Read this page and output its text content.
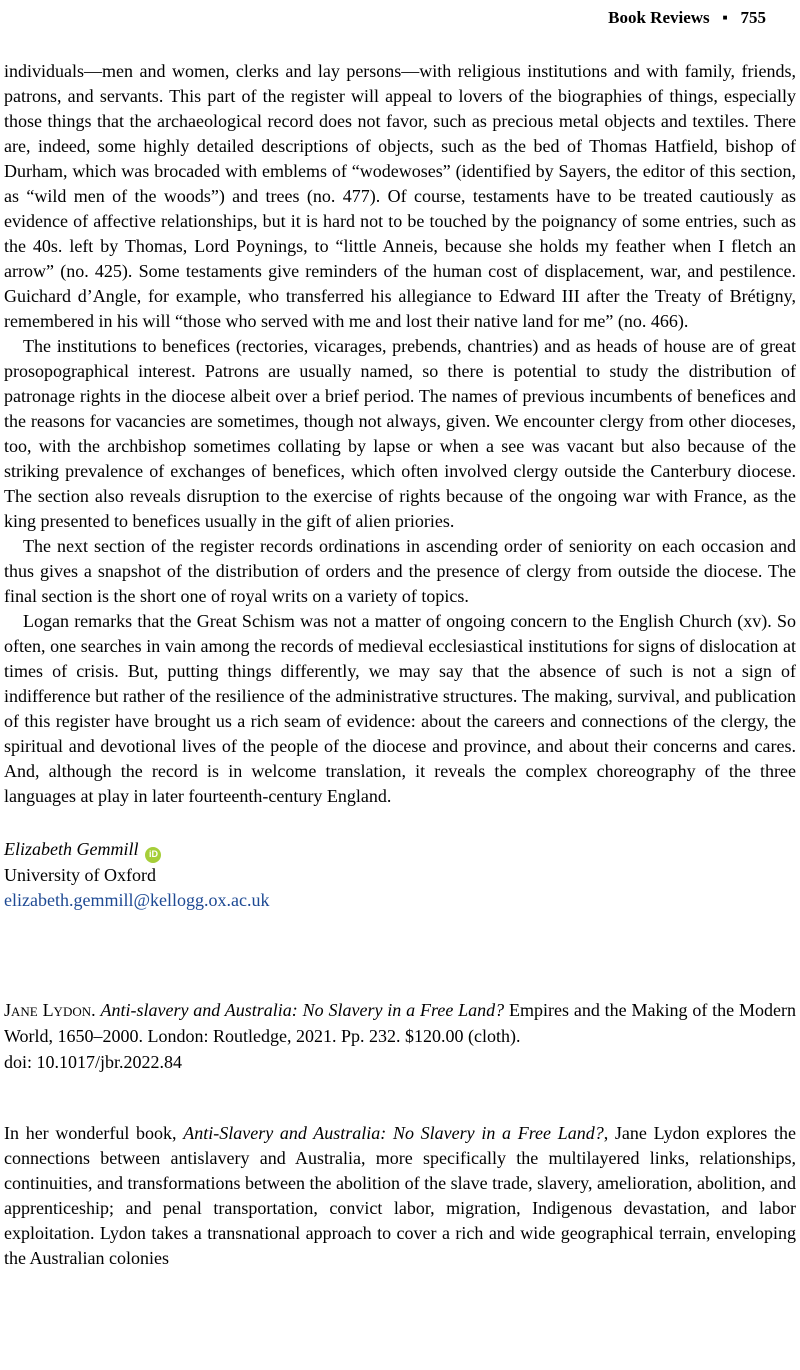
Book Reviews ■ 755

individuals—men and women, clerks and lay persons—with religious institutions and with family, friends, patrons, and servants. This part of the register will appeal to lovers of the biographies of things, especially those things that the archaeological record does not favor, such as precious metal objects and textiles. There are, indeed, some highly detailed descriptions of objects, such as the bed of Thomas Hatfield, bishop of Durham, which was brocaded with emblems of “wodewoses” (identified by Sayers, the editor of this section, as “wild men of the woods”) and trees (no. 477). Of course, testaments have to be treated cautiously as evidence of affective relationships, but it is hard not to be touched by the poignancy of some entries, such as the 40s. left by Thomas, Lord Poynings, to “little Anneis, because she holds my feather when I fletch an arrow” (no. 425). Some testaments give reminders of the human cost of displacement, war, and pestilence. Guichard d’Angle, for example, who transferred his allegiance to Edward III after the Treaty of Brétigny, remembered in his will “those who served with me and lost their native land for me” (no. 466).

The institutions to benefices (rectories, vicarages, prebends, chantries) and as heads of house are of great prosopographical interest. Patrons are usually named, so there is potential to study the distribution of patronage rights in the diocese albeit over a brief period. The names of previous incumbents of benefices and the reasons for vacancies are sometimes, though not always, given. We encounter clergy from other dioceses, too, with the archbishop sometimes collating by lapse or when a see was vacant but also because of the striking prevalence of exchanges of benefices, which often involved clergy outside the Canterbury diocese. The section also reveals disruption to the exercise of rights because of the ongoing war with France, as the king presented to benefices usually in the gift of alien priories.

The next section of the register records ordinations in ascending order of seniority on each occasion and thus gives a snapshot of the distribution of orders and the presence of clergy from outside the diocese. The final section is the short one of royal writs on a variety of topics.

Logan remarks that the Great Schism was not a matter of ongoing concern to the English Church (xv). So often, one searches in vain among the records of medieval ecclesiastical institutions for signs of dislocation at times of crisis. But, putting things differently, we may say that the absence of such is not a sign of indifference but rather of the resilience of the administrative structures. The making, survival, and publication of this register have brought us a rich seam of evidence: about the careers and connections of the clergy, the spiritual and devotional lives of the people of the diocese and province, and about their concerns and cares. And, although the record is in welcome translation, it reveals the complex choreography of the three languages at play in later fourteenth-century England.

Elizabeth Gemmill iD
University of Oxford
elizabeth.gemmill@kellogg.ox.ac.uk

Jane Lydon. Anti-slavery and Australia: No Slavery in a Free Land? Empires and the Making of the Modern World, 1650–2000. London: Routledge, 2021. Pp. 232. $120.00 (cloth).

doi: 10.1017/jbr.2022.84

In her wonderful book, Anti-Slavery and Australia: No Slavery in a Free Land?, Jane Lydon explores the connections between antislavery and Australia, more specifically the multilayered links, relationships, continuities, and transformations between the abolition of the slave trade, slavery, amelioration, abolition, and apprenticeship; and penal transportation, convict labor, migration, Indigenous devastation, and labor exploitation. Lydon takes a transnational approach to cover a rich and wide geographical terrain, enveloping the Australian colonies
